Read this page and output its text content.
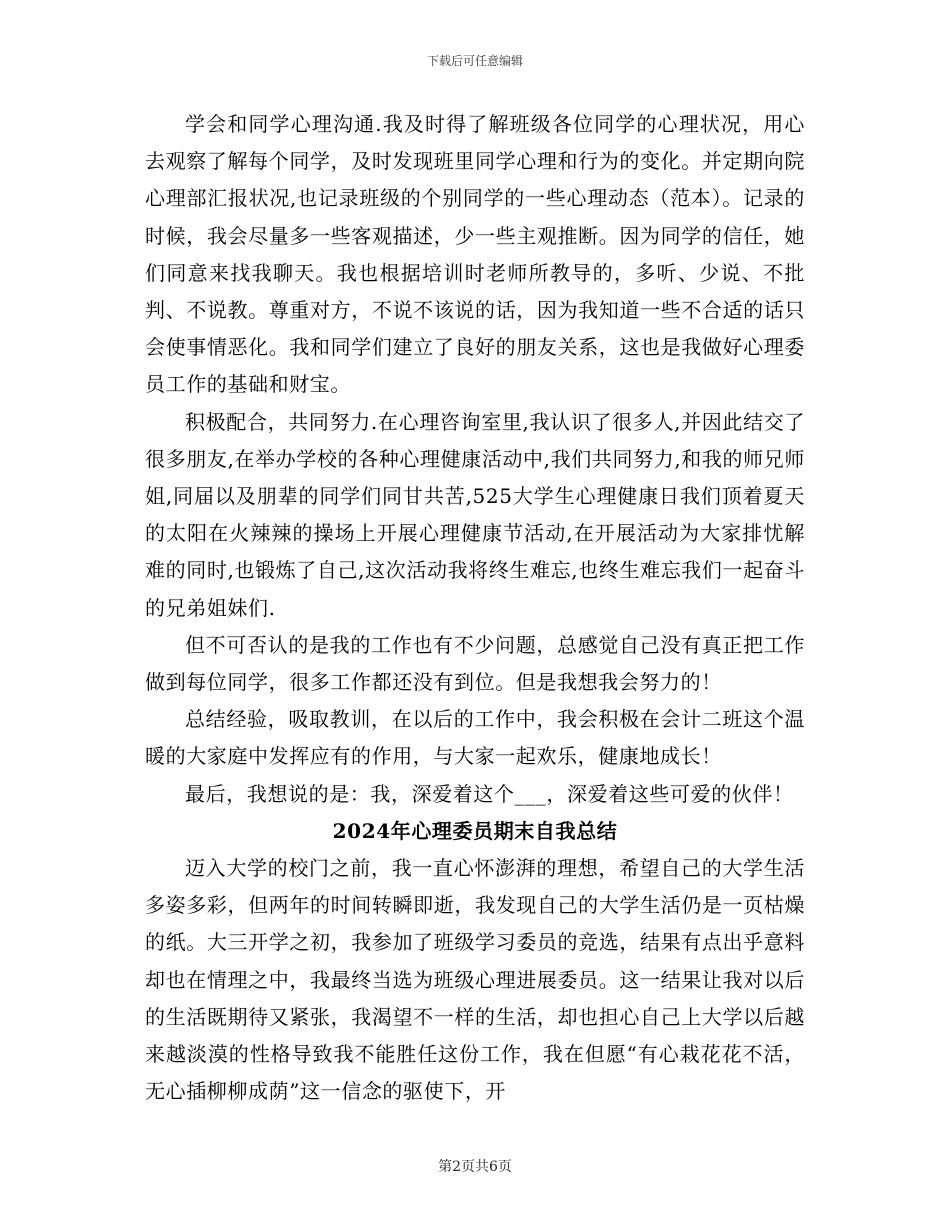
下载后可任意编辑

学会和同学心理沟通.我及时得了解班级各位同学的心理状况，用心去观察了解每个同学，及时发现班里同学心理和行为的变化。并定期向院心理部汇报状况,也记录班级的个别同学的一些心理动态（范本）。记录的时候，我会尽量多一些客观描述，少一些主观推断。因为同学的信任，她们同意来找我聊天。我也根据培训时老师所教导的，多听、少说、不批判、不说教。尊重对方，不说不该说的话，因为我知道一些不合适的话只会使事情恶化。我和同学们建立了良好的朋友关系，这也是我做好心理委员工作的基础和财宝。

积极配合，共同努力.在心理咨询室里,我认识了很多人,并因此结交了很多朋友,在举办学校的各种心理健康活动中,我们共同努力,和我的师兄师姐,同届以及朋辈的同学们同甘共苦,525大学生心理健康日我们顶着夏天的太阳在火辣辣的操场上开展心理健康节活动,在开展活动为大家排忧解难的同时,也锻炼了自己,这次活动我将终生难忘,也终生难忘我们一起奋斗的兄弟姐妹们.

但不可否认的是我的工作也有不少问题，总感觉自己没有真正把工作做到每位同学，很多工作都还没有到位。但是我想我会努力的！

总结经验，吸取教训，在以后的工作中，我会积极在会计二班这个温暖的大家庭中发挥应有的作用，与大家一起欢乐，健康地成长！

最后，我想说的是：我，深爱着这个___，深爱着这些可爱的伙伴！

2024年心理委员期末自我总结

迈入大学的校门之前，我一直心怀澎湃的理想，希望自己的大学生活多姿多彩，但两年的时间转瞬即逝，我发现自己的大学生活仍是一页枯燥的纸。大三开学之初，我参加了班级学习委员的竞选，结果有点出乎意料却也在情理之中，我最终当选为班级心理进展委员。这一结果让我对以后的生活既期待又紧张，我渴望不一样的生活，却也担心自己上大学以后越来越淡漠的性格导致我不能胜任这份工作，我在但愿“有心栽花花不活，无心插柳柳成荫”这一信念的驱使下，开

第2页共6页
